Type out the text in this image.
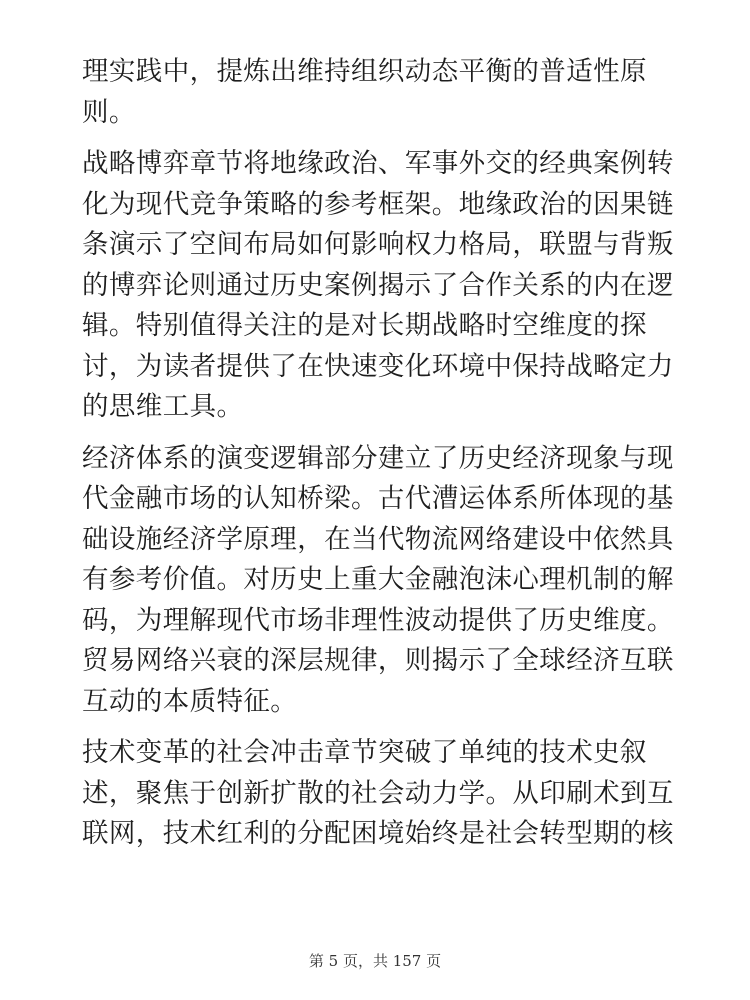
理实践中，提炼出维持组织动态平衡的普适性原
则。

战略博弈章节将地缘政治、军事外交的经典案例转
化为现代竞争策略的参考框架。地缘政治的因果链
条演示了空间布局如何影响权力格局，联盟与背叛
的博弈论则通过历史案例揭示了合作关系的内在逻
辑。特别值得关注的是对长期战略时空维度的探
讨，为读者提供了在快速变化环境中保持战略定力
的思维工具。

经济体系的演变逻辑部分建立了历史经济现象与现
代金融市场的认知桥梁。古代漕运体系所体现的基
础设施经济学原理，在当代物流网络建设中依然具
有参考价值。对历史上重大金融泡沫心理机制的解
码，为理解现代市场非理性波动提供了历史维度。
贸易网络兴衰的深层规律，则揭示了全球经济互联
互动的本质特征。

技术变革的社会冲击章节突破了单纯的技术史叙
述，聚焦于创新扩散的社会动力学。从印刷术到互
联网，技术红利的分配困境始终是社会转型期的核

第 5 页，共 157 页
